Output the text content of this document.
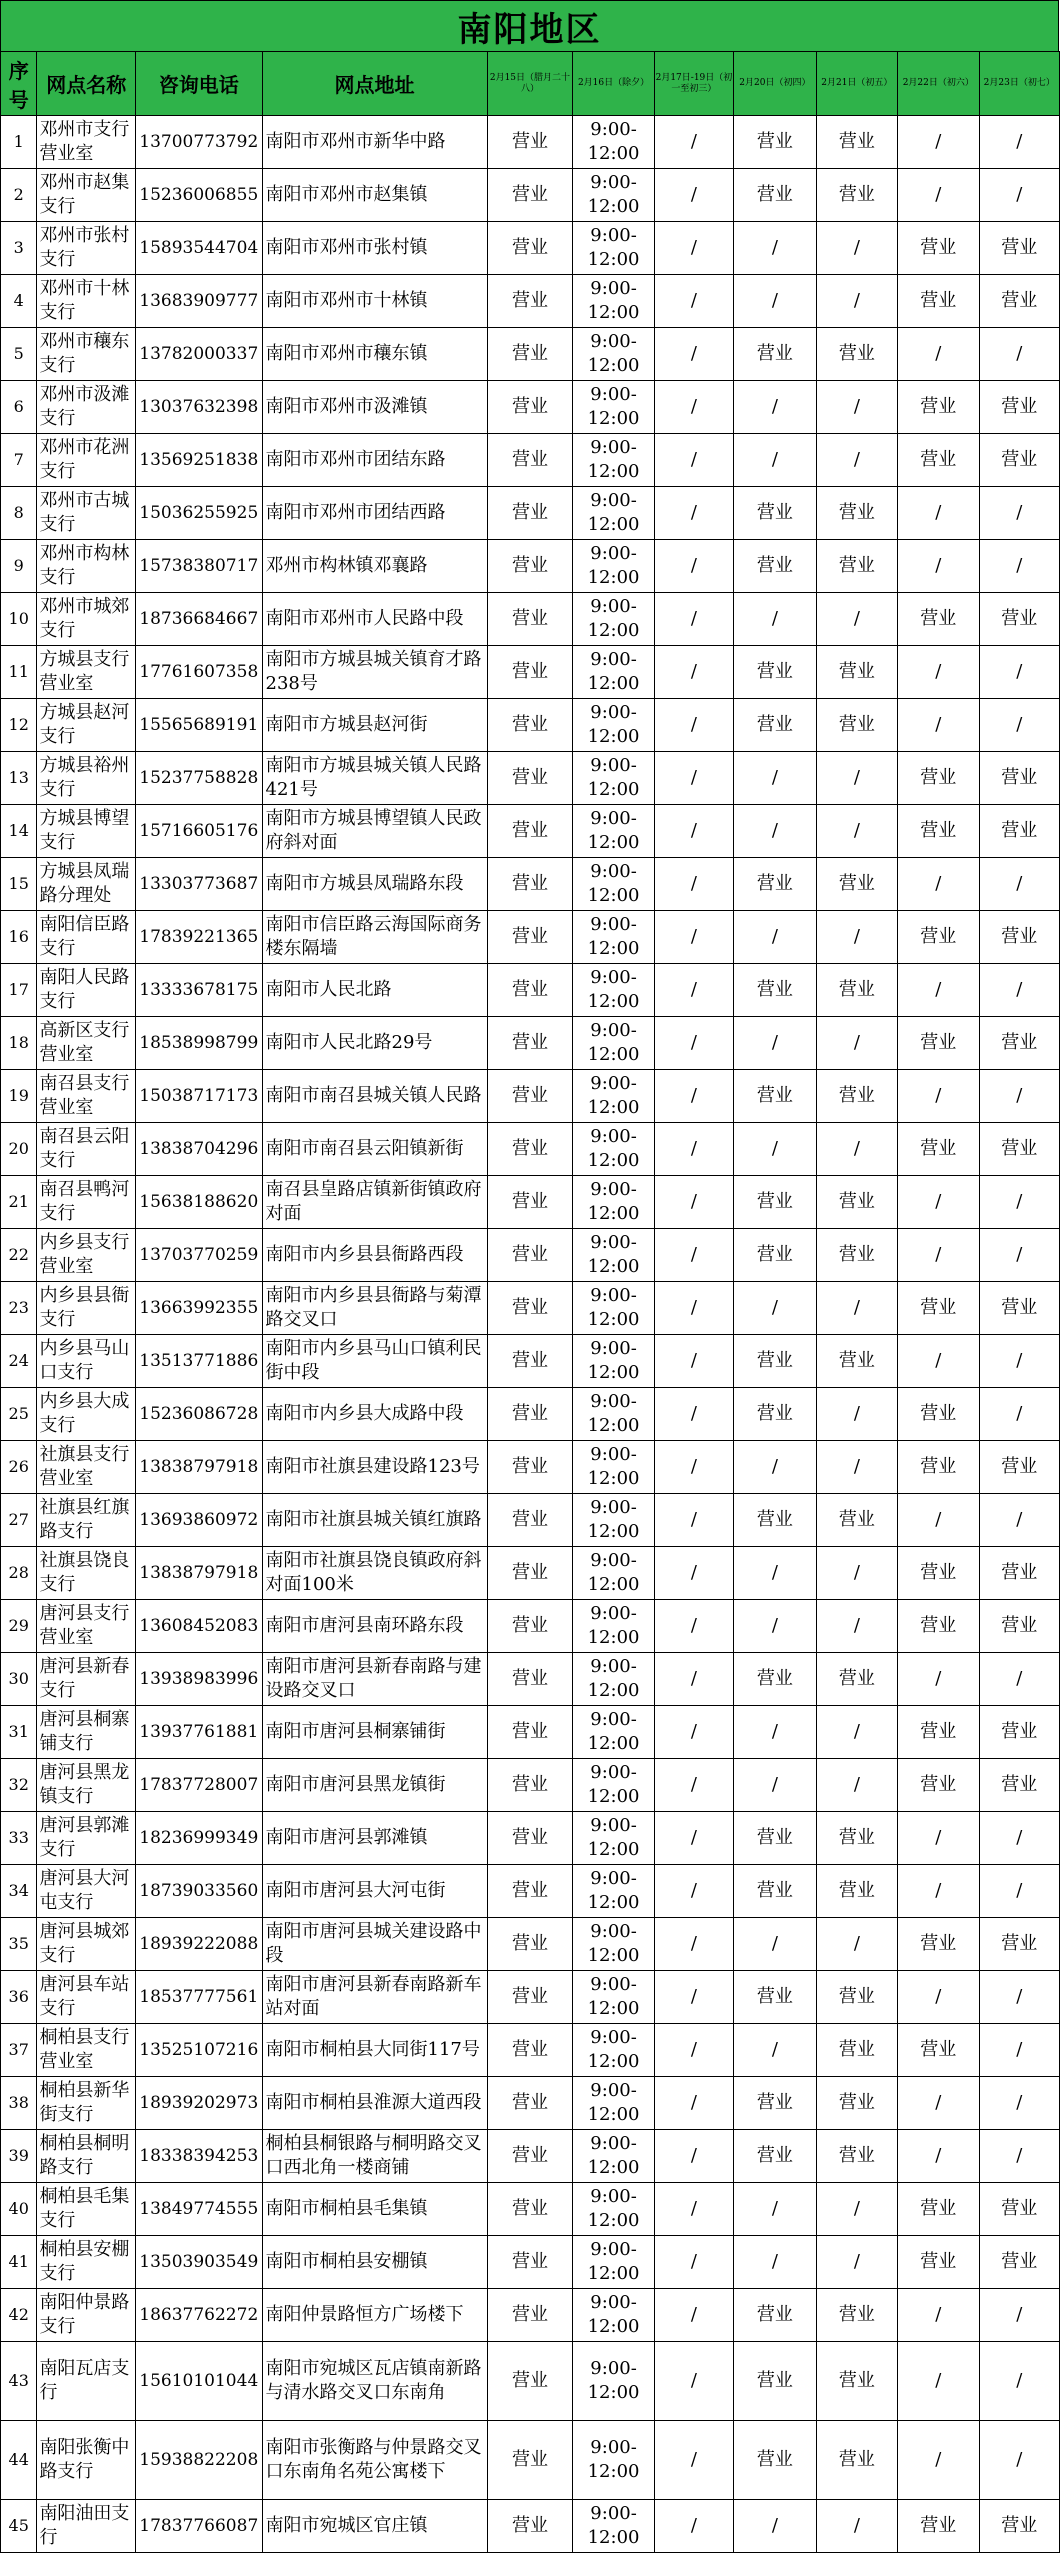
南阳地区
序号	网点名称	咨询电话	网点地址	2月15日（腊月二十八）	2月16日（除夕）	2月17日-19日（初一至初三）	2月20日（初四）	2月21日（初五）	2月22日（初六）	2月23日（初七）
1	邓州市支行营业室	13700773792	南阳市邓州市新华中路	营业	9:00-12:00	/	营业	营业	/	/
2	邓州市赵集支行	15236006855	南阳市邓州市赵集镇	营业	9:00-12:00	/	营业	营业	/	/
3	邓州市张村支行	15893544704	南阳市邓州市张村镇	营业	9:00-12:00	/	/	/	营业	营业
4	邓州市十林支行	13683909777	南阳市邓州市十林镇	营业	9:00-12:00	/	/	/	营业	营业
5	邓州市穰东支行	13782000337	南阳市邓州市穰东镇	营业	9:00-12:00	/	营业	营业	/	/
6	邓州市汲滩支行	13037632398	南阳市邓州市汲滩镇	营业	9:00-12:00	/	/	/	营业	营业
7	邓州市花洲支行	13569251838	南阳市邓州市团结东路	营业	9:00-12:00	/	/	/	营业	营业
8	邓州市古城支行	15036255925	南阳市邓州市团结西路	营业	9:00-12:00	/	营业	营业	/	/
9	邓州市构林支行	15738380717	邓州市构林镇邓襄路	营业	9:00-12:00	/	营业	营业	/	/
10	邓州市城郊支行	18736684667	南阳市邓州市人民路中段	营业	9:00-12:00	/	/	/	营业	营业
11	方城县支行营业室	17761607358	南阳市方城县城关镇育才路238号	营业	9:00-12:00	/	营业	营业	/	/
12	方城县赵河支行	15565689191	南阳市方城县赵河街	营业	9:00-12:00	/	营业	营业	/	/
13	方城县裕州支行	15237758828	南阳市方城县城关镇人民路421号	营业	9:00-12:00	/	/	/	营业	营业
14	方城县博望支行	15716605176	南阳市方城县博望镇人民政府斜对面	营业	9:00-12:00	/	/	/	营业	营业
15	方城县凤瑞路分理处	13303773687	南阳市方城县凤瑞路东段	营业	9:00-12:00	/	营业	营业	/	/
16	南阳信臣路支行	17839221365	南阳市信臣路云海国际商务楼东隔墙	营业	9:00-12:00	/	/	/	营业	营业
17	南阳人民路支行	13333678175	南阳市人民北路	营业	9:00-12:00	/	营业	营业	/	/
18	高新区支行营业室	18538998799	南阳市人民北路29号	营业	9:00-12:00	/	/	/	营业	营业
19	南召县支行营业室	15038717173	南阳市南召县城关镇人民路	营业	9:00-12:00	/	营业	营业	/	/
20	南召县云阳支行	13838704296	南阳市南召县云阳镇新街	营业	9:00-12:00	/	/	/	营业	营业
21	南召县鸭河支行	15638188620	南召县皇路店镇新街镇政府对面	营业	9:00-12:00	/	营业	营业	/	/
22	内乡县支行营业室	13703770259	南阳市内乡县县衙路西段	营业	9:00-12:00	/	营业	营业	/	/
23	内乡县县衙支行	13663992355	南阳市内乡县县衙路与菊潭路交叉口	营业	9:00-12:00	/	/	/	营业	营业
24	内乡县马山口支行	13513771886	南阳市内乡县马山口镇利民街中段	营业	9:00-12:00	/	营业	营业	/	/
25	内乡县大成支行	15236086728	南阳市内乡县大成路中段	营业	9:00-12:00	/	营业	/	营业	/
26	社旗县支行营业室	13838797918	南阳市社旗县建设路123号	营业	9:00-12:00	/	/	/	营业	营业
27	社旗县红旗路支行	13693860972	南阳市社旗县城关镇红旗路	营业	9:00-12:00	/	营业	营业	/	/
28	社旗县饶良支行	13838797918	南阳市社旗县饶良镇政府斜对面100米	营业	9:00-12:00	/	/	/	营业	营业
29	唐河县支行营业室	13608452083	南阳市唐河县南环路东段	营业	9:00-12:00	/	/	/	营业	营业
30	唐河县新春支行	13938983996	南阳市唐河县新春南路与建设路交叉口	营业	9:00-12:00	/	营业	营业	/	/
31	唐河县桐寨铺支行	13937761881	南阳市唐河县桐寨铺街	营业	9:00-12:00	/	/	/	营业	营业
32	唐河县黑龙镇支行	17837728007	南阳市唐河县黑龙镇街	营业	9:00-12:00	/	/	/	营业	营业
33	唐河县郭滩支行	18236999349	南阳市唐河县郭滩镇	营业	9:00-12:00	/	营业	营业	/	/
34	唐河县大河屯支行	18739033560	南阳市唐河县大河屯街	营业	9:00-12:00	/	营业	营业	/	/
35	唐河县城郊支行	18939222088	南阳市唐河县城关建设路中段	营业	9:00-12:00	/	/	/	营业	营业
36	唐河县车站支行	18537777561	南阳市唐河县新春南路新车站对面	营业	9:00-12:00	/	营业	营业	/	/
37	桐柏县支行营业室	13525107216	南阳市桐柏县大同街117号	营业	9:00-12:00	/	/	营业	营业	/
38	桐柏县新华街支行	18939202973	南阳市桐柏县淮源大道西段	营业	9:00-12:00	/	营业	营业	/	/
39	桐柏县桐明路支行	18338394253	桐柏县桐银路与桐明路交叉口西北角一楼商铺	营业	9:00-12:00	/	营业	营业	/	/
40	桐柏县毛集支行	13849774555	南阳市桐柏县毛集镇	营业	9:00-12:00	/	/	/	营业	营业
41	桐柏县安棚支行	13503903549	南阳市桐柏县安棚镇	营业	9:00-12:00	/	/	/	营业	营业
42	南阳仲景路支行	18637762272	南阳仲景路恒方广场楼下	营业	9:00-12:00	/	营业	营业	/	/
43	南阳瓦店支行	15610101044	南阳市宛城区瓦店镇南新路与清水路交叉口东南角	营业	9:00-12:00	/	营业	营业	/	/
44	南阳张衡中路支行	15938822208	南阳市张衡路与仲景路交叉口东南角名苑公寓楼下	营业	9:00-12:00	/	营业	营业	/	/
45	南阳油田支行	17837766087	南阳市宛城区官庄镇	营业	9:00-12:00	/	/	/	营业	营业
